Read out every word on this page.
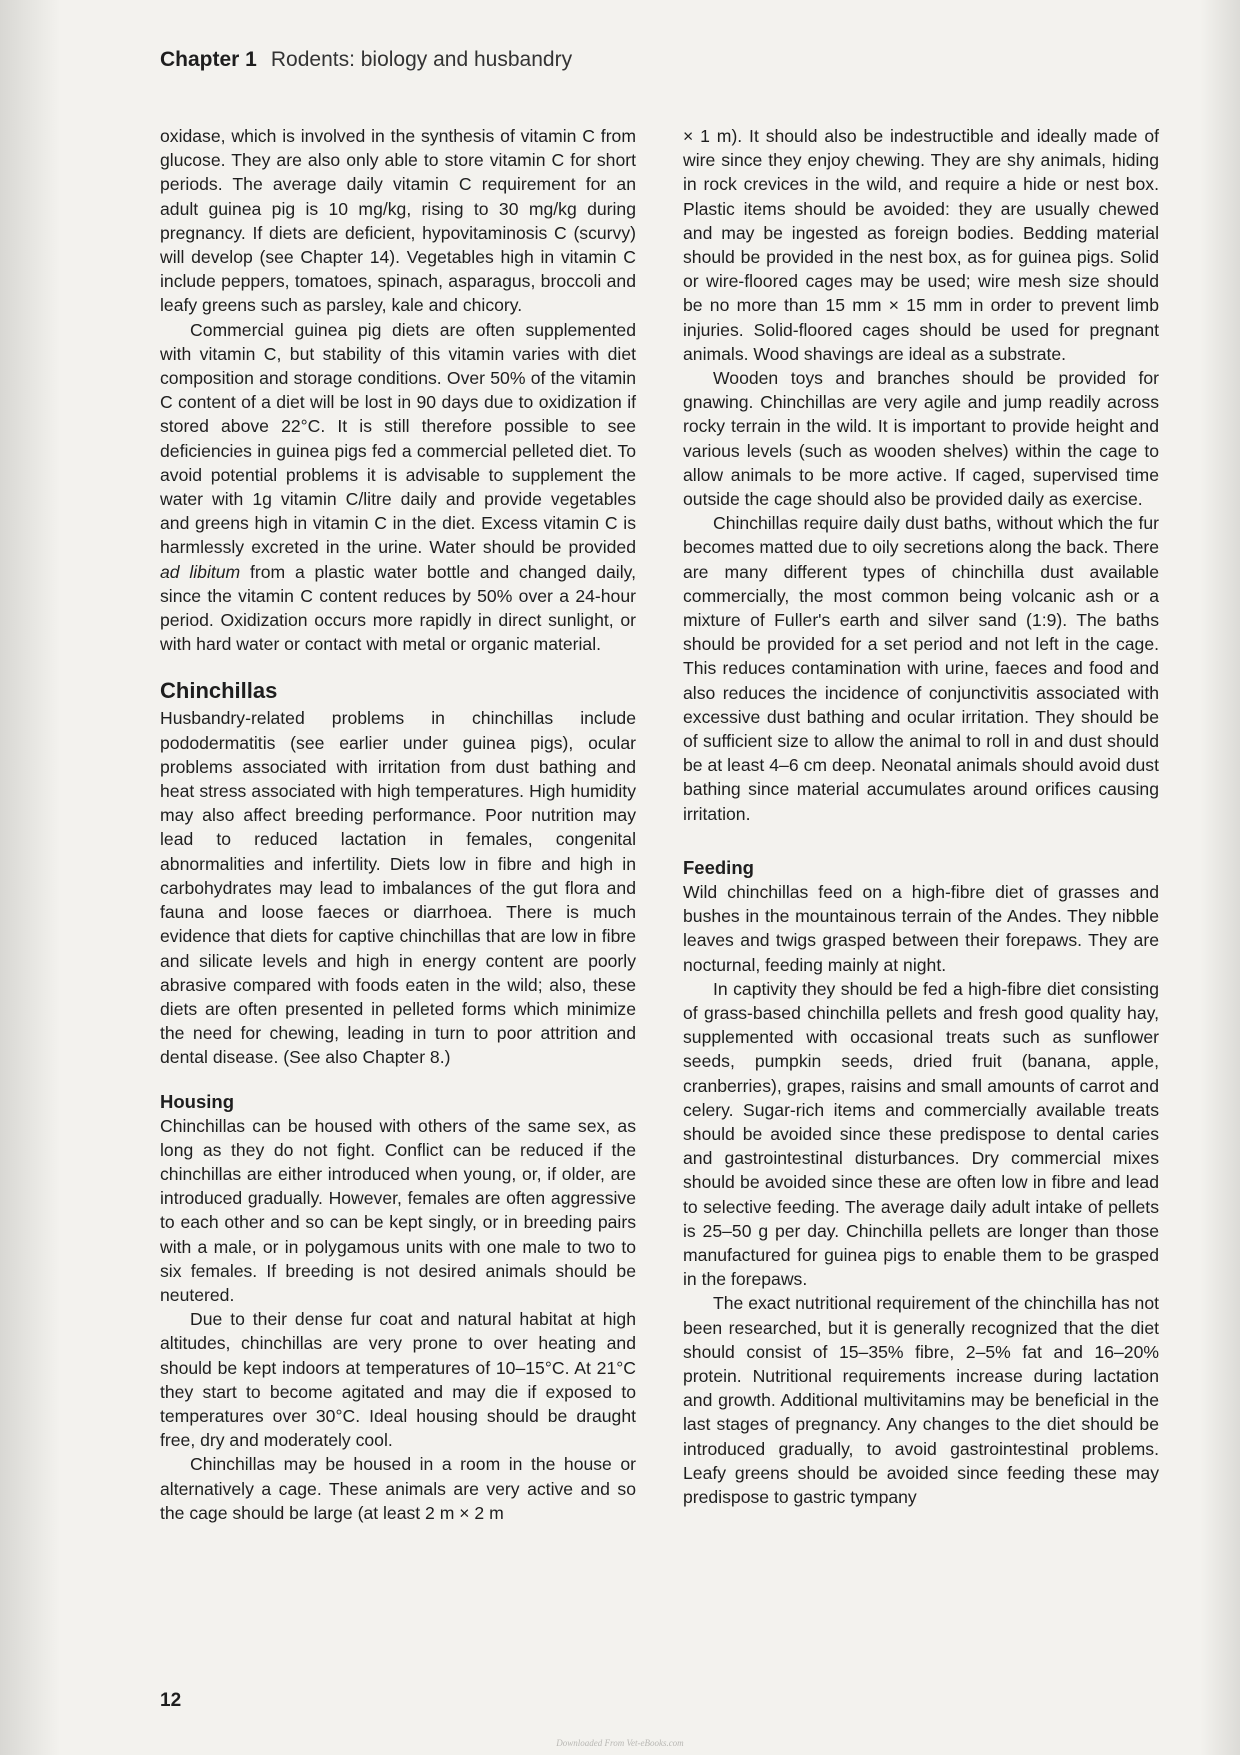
Chapter 1 Rodents: biology and husbandry

oxidase, which is involved in the synthesis of vitamin C from glucose. They are also only able to store vitamin C for short periods. The average daily vitamin C requirement for an adult guinea pig is 10 mg/kg, rising to 30 mg/kg during pregnancy. If diets are deficient, hypovitaminosis C (scurvy) will develop (see Chapter 14). Vegetables high in vitamin C include peppers, tomatoes, spinach, asparagus, broccoli and leafy greens such as parsley, kale and chicory.

Commercial guinea pig diets are often supplemented with vitamin C, but stability of this vitamin varies with diet composition and storage conditions. Over 50% of the vitamin C content of a diet will be lost in 90 days due to oxidization if stored above 22°C. It is still therefore possible to see deficiencies in guinea pigs fed a commercial pelleted diet. To avoid potential problems it is advisable to supplement the water with 1g vitamin C/litre daily and provide vegetables and greens high in vitamin C in the diet. Excess vitamin C is harmlessly excreted in the urine. Water should be provided ad libitum from a plastic water bottle and changed daily, since the vitamin C content reduces by 50% over a 24-hour period. Oxidization occurs more rapidly in direct sunlight, or with hard water or contact with metal or organic material.

Chinchillas

Husbandry-related problems in chinchillas include pododermatitis (see earlier under guinea pigs), ocular problems associated with irritation from dust bathing and heat stress associated with high temperatures. High humidity may also affect breeding performance. Poor nutrition may lead to reduced lactation in females, congenital abnormalities and infertility. Diets low in fibre and high in carbohydrates may lead to imbalances of the gut flora and fauna and loose faeces or diarrhoea. There is much evidence that diets for captive chinchillas that are low in fibre and silicate levels and high in energy content are poorly abrasive compared with foods eaten in the wild; also, these diets are often presented in pelleted forms which minimize the need for chewing, leading in turn to poor attrition and dental disease. (See also Chapter 8.)

Housing

Chinchillas can be housed with others of the same sex, as long as they do not fight. Conflict can be reduced if the chinchillas are either introduced when young, or, if older, are introduced gradually. However, females are often aggressive to each other and so can be kept singly, or in breeding pairs with a male, or in polygamous units with one male to two to six females. If breeding is not desired animals should be neutered.

Due to their dense fur coat and natural habitat at high altitudes, chinchillas are very prone to over heating and should be kept indoors at temperatures of 10–15°C. At 21°C they start to become agitated and may die if exposed to temperatures over 30°C. Ideal housing should be draught free, dry and moderately cool.

Chinchillas may be housed in a room in the house or alternatively a cage. These animals are very active and so the cage should be large (at least 2 m × 2 m

× 1 m). It should also be indestructible and ideally made of wire since they enjoy chewing. They are shy animals, hiding in rock crevices in the wild, and require a hide or nest box. Plastic items should be avoided: they are usually chewed and may be ingested as foreign bodies. Bedding material should be provided in the nest box, as for guinea pigs. Solid or wire-floored cages may be used; wire mesh size should be no more than 15 mm × 15 mm in order to prevent limb injuries. Solid-floored cages should be used for pregnant animals. Wood shavings are ideal as a substrate.

Wooden toys and branches should be provided for gnawing. Chinchillas are very agile and jump readily across rocky terrain in the wild. It is important to provide height and various levels (such as wooden shelves) within the cage to allow animals to be more active. If caged, supervised time outside the cage should also be provided daily as exercise.

Chinchillas require daily dust baths, without which the fur becomes matted due to oily secretions along the back. There are many different types of chinchilla dust available commercially, the most common being volcanic ash or a mixture of Fuller's earth and silver sand (1:9). The baths should be provided for a set period and not left in the cage. This reduces contamination with urine, faeces and food and also reduces the incidence of conjunctivitis associated with excessive dust bathing and ocular irritation. They should be of sufficient size to allow the animal to roll in and dust should be at least 4–6 cm deep. Neonatal animals should avoid dust bathing since material accumulates around orifices causing irritation.

Feeding

Wild chinchillas feed on a high-fibre diet of grasses and bushes in the mountainous terrain of the Andes. They nibble leaves and twigs grasped between their forepaws. They are nocturnal, feeding mainly at night.

In captivity they should be fed a high-fibre diet consisting of grass-based chinchilla pellets and fresh good quality hay, supplemented with occasional treats such as sunflower seeds, pumpkin seeds, dried fruit (banana, apple, cranberries), grapes, raisins and small amounts of carrot and celery. Sugar-rich items and commercially available treats should be avoided since these predispose to dental caries and gastrointestinal disturbances. Dry commercial mixes should be avoided since these are often low in fibre and lead to selective feeding. The average daily adult intake of pellets is 25–50 g per day. Chinchilla pellets are longer than those manufactured for guinea pigs to enable them to be grasped in the forepaws.

The exact nutritional requirement of the chinchilla has not been researched, but it is generally recognized that the diet should consist of 15–35% fibre, 2–5% fat and 16–20% protein. Nutritional requirements increase during lactation and growth. Additional multivitamins may be beneficial in the last stages of pregnancy. Any changes to the diet should be introduced gradually, to avoid gastrointestinal problems. Leafy greens should be avoided since feeding these may predispose to gastric tympany

12
Downloaded From Vet-eBooks.com
